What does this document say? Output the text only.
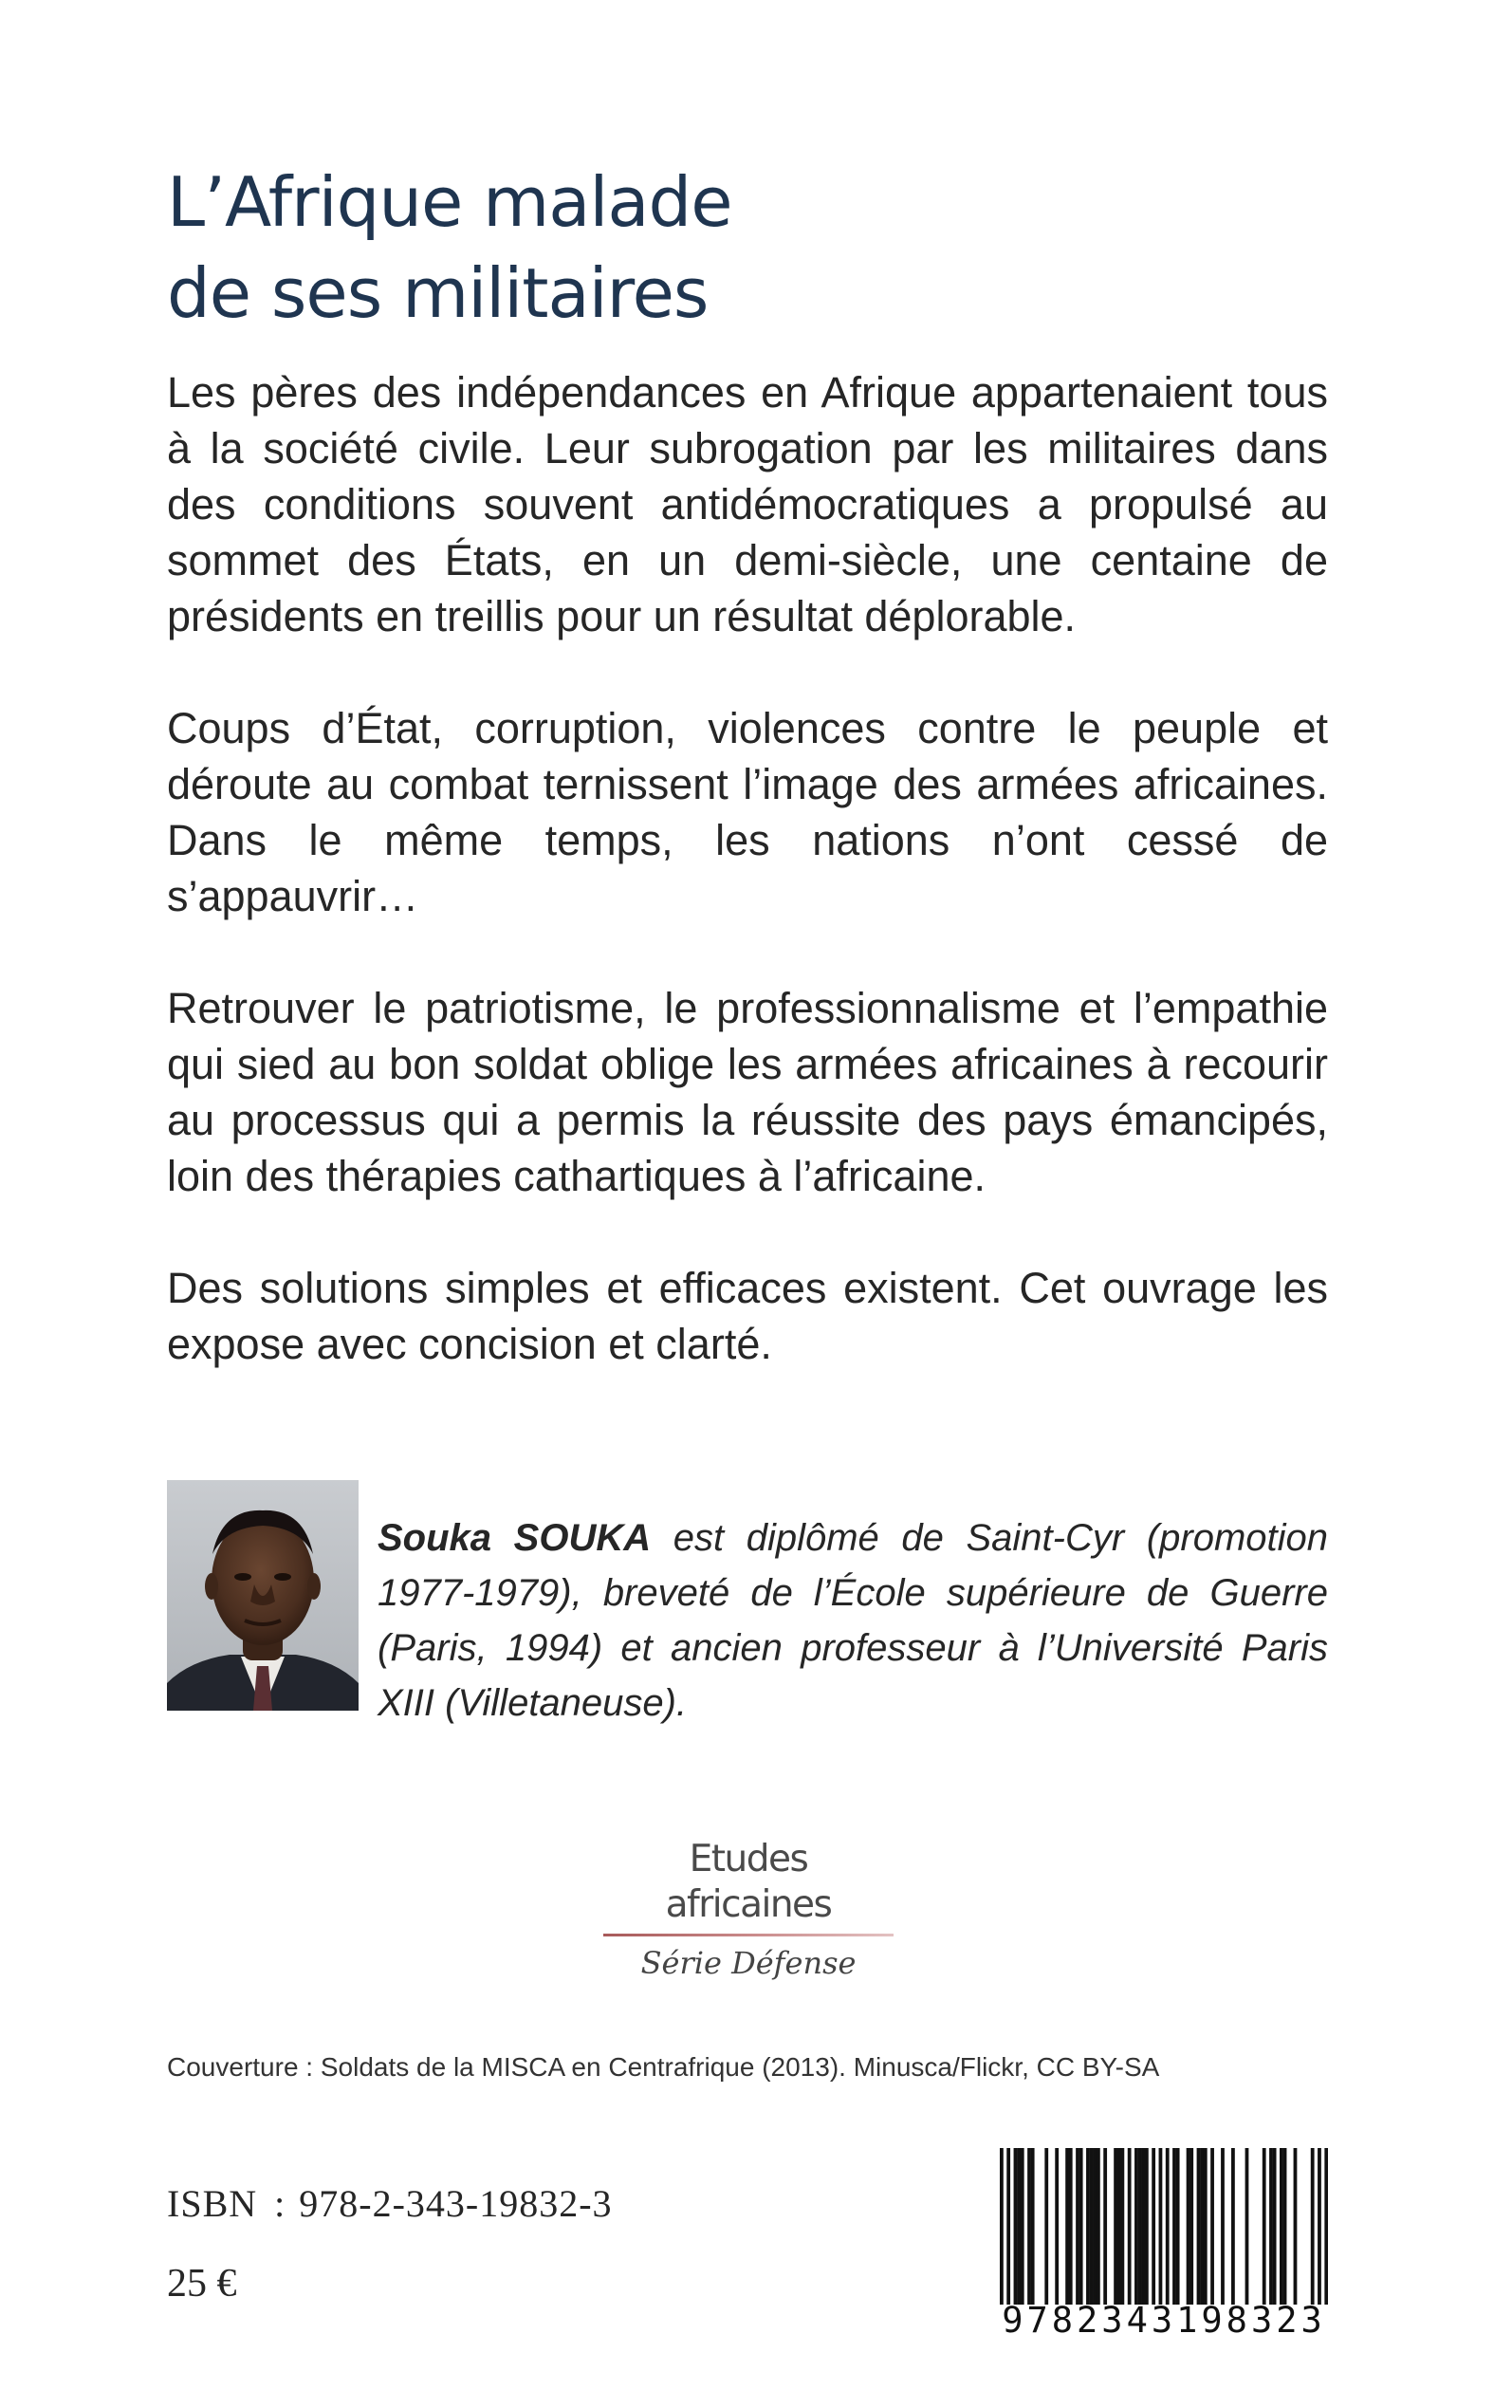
L’Afrique malade
de ses militaires

Les pères des indépendances en Afrique appartenaient tous à la société civile. Leur subrogation par les militaires dans des conditions souvent antidémocratiques a propulsé au sommet des États, en un demi-siècle, une centaine de présidents en treillis pour un résultat déplorable.

Coups d’État, corruption, violences contre le peuple et déroute au combat ternissent l’image des armées africaines. Dans le même temps, les nations n’ont cessé de s’appauvrir…

Retrouver le patriotisme, le professionnalisme et l’empathie qui sied au bon soldat oblige les armées africaines à recourir au processus qui a permis la réussite des pays émancipés, loin des thérapies cathartiques à l’africaine.

Des solutions simples et efficaces existent. Cet ouvrage les expose avec concision et clarté.

Souka SOUKA est diplômé de Saint-Cyr (promotion 1977-1979), breveté de l’École supérieure de Guerre (Paris, 1994) et ancien professeur à l’Université Paris XIII (Villetaneuse).

Etudes africaines
Série Défense

Couverture : Soldats de la MISCA en Centrafrique (2013). Minusca/Flickr, CC BY-SA

ISBN : 978-2-343-19832-3

25 €

9782343198323
